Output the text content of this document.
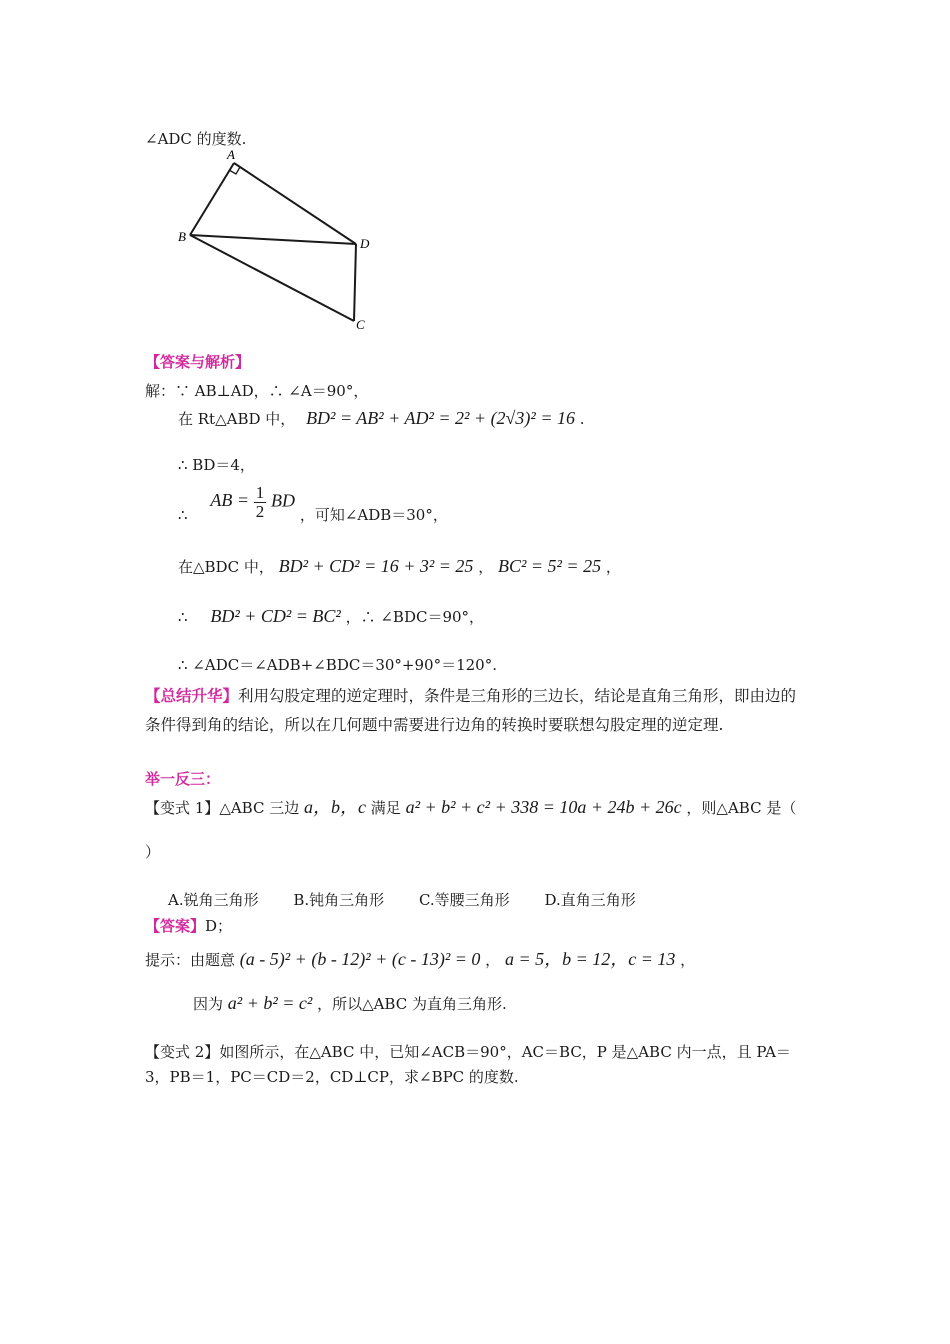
∠ADC 的度数.
A
B	D
C
【答案与解析】
解：∵ AB⊥AD，∴ ∠A＝90°，
在 Rt△ABD 中， BD² = AB² + AD² = 2² + (2√3)² = 16 .
∴ BD＝4，
∴ AB = $\frac{1}{2}$ BD ，可知∠ADB＝30°，
在△BDC 中， BD² + CD² = 16 + 3² = 25 ， BC² = 5² = 25 ，
∴ BD² + CD² = BC² ，∴ ∠BDC＝90°，
∴ ∠ADC＝∠ADB+∠BDC＝30°+90°＝120°.
【总结升华】利用勾股定理的逆定理时，条件是三角形的三边长，结论是直角三角形，即由边的条件得到角的结论，所以在几何题中需要进行边角的转换时要联想勾股定理的逆定理.
举一反三：
【变式 1】△ABC 三边 a，b，c 满足 a² + b² + c² + 338 = 10a + 24b + 26c ，则△ABC 是（
）
A.锐角三角形 B.钝角三角形 C.等腰三角形 D.直角三角形
【答案】D；
提示：由题意 (a - 5)² + (b - 12)² + (c - 13)² = 0 ， a = 5，b = 12，c = 13 ，
因为 a² + b² = c² ，所以△ABC 为直角三角形.
【变式 2】如图所示，在△ABC 中，已知∠ACB＝90°，AC＝BC，P 是△ABC 内一点，且 PA＝3，PB＝1，PC＝CD＝2，CD⊥CP，求∠BPC 的度数.
